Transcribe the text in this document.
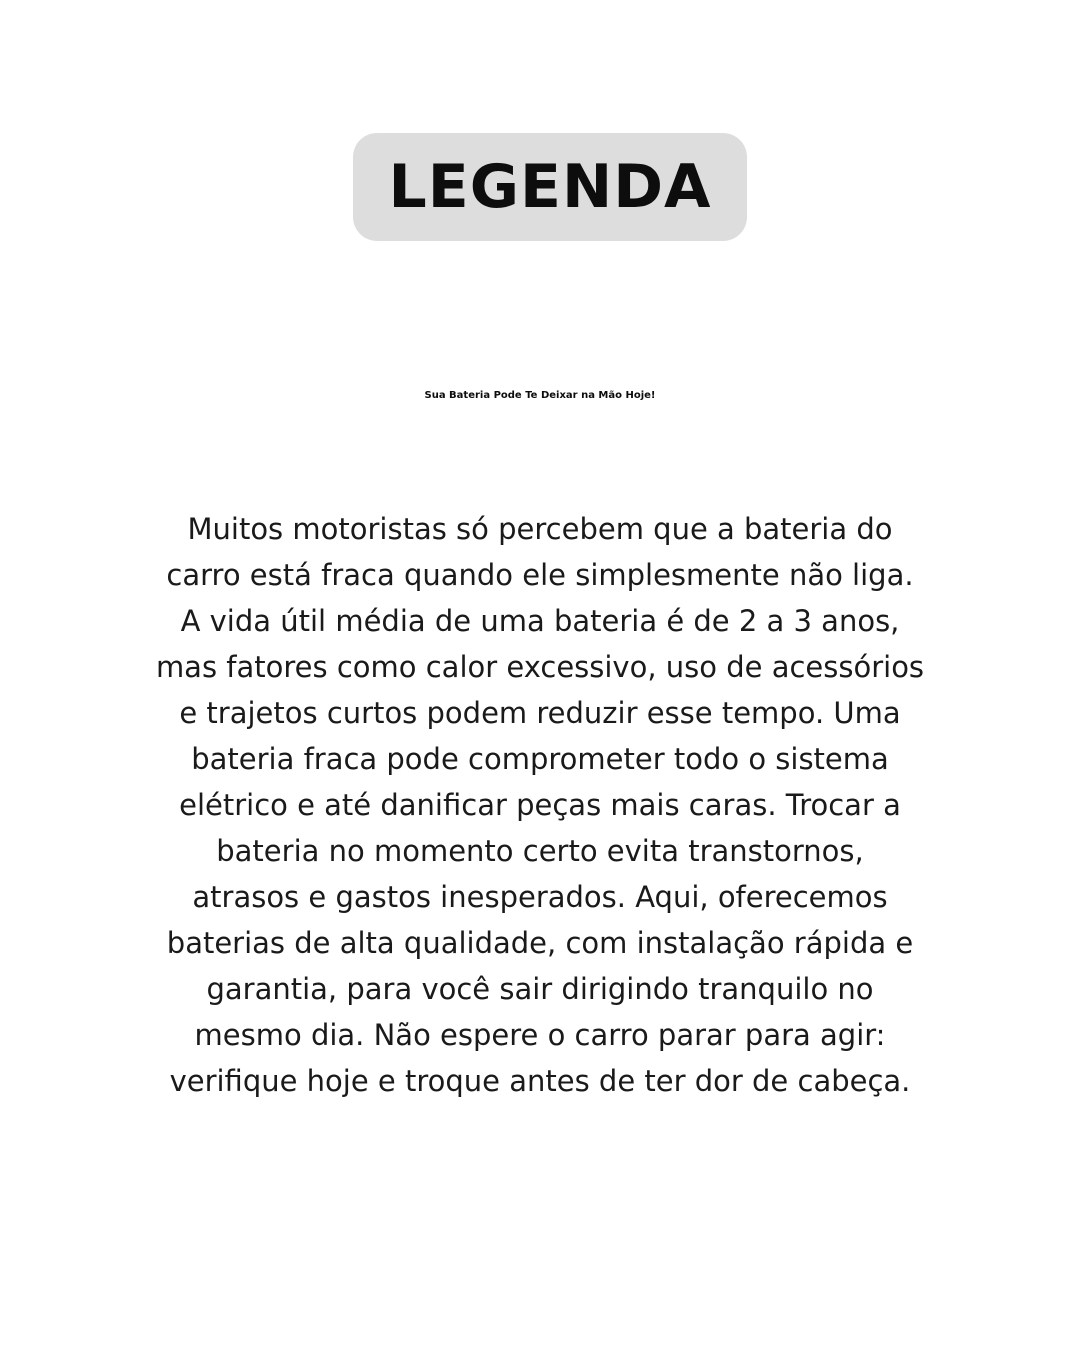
LEGENDA
Sua Bateria Pode Te Deixar na Mão Hoje!
Muitos motoristas só percebem que a bateria do
carro está fraca quando ele simplesmente não liga.
A vida útil média de uma bateria é de 2 a 3 anos,
mas fatores como calor excessivo, uso de acessórios
e trajetos curtos podem reduzir esse tempo. Uma
bateria fraca pode comprometer todo o sistema
elétrico e até danificar peças mais caras. Trocar a
bateria no momento certo evita transtornos,
atrasos e gastos inesperados. Aqui, oferecemos
baterias de alta qualidade, com instalação rápida e
garantia, para você sair dirigindo tranquilo no
mesmo dia. Não espere o carro parar para agir:
verifique hoje e troque antes de ter dor de cabeça.
